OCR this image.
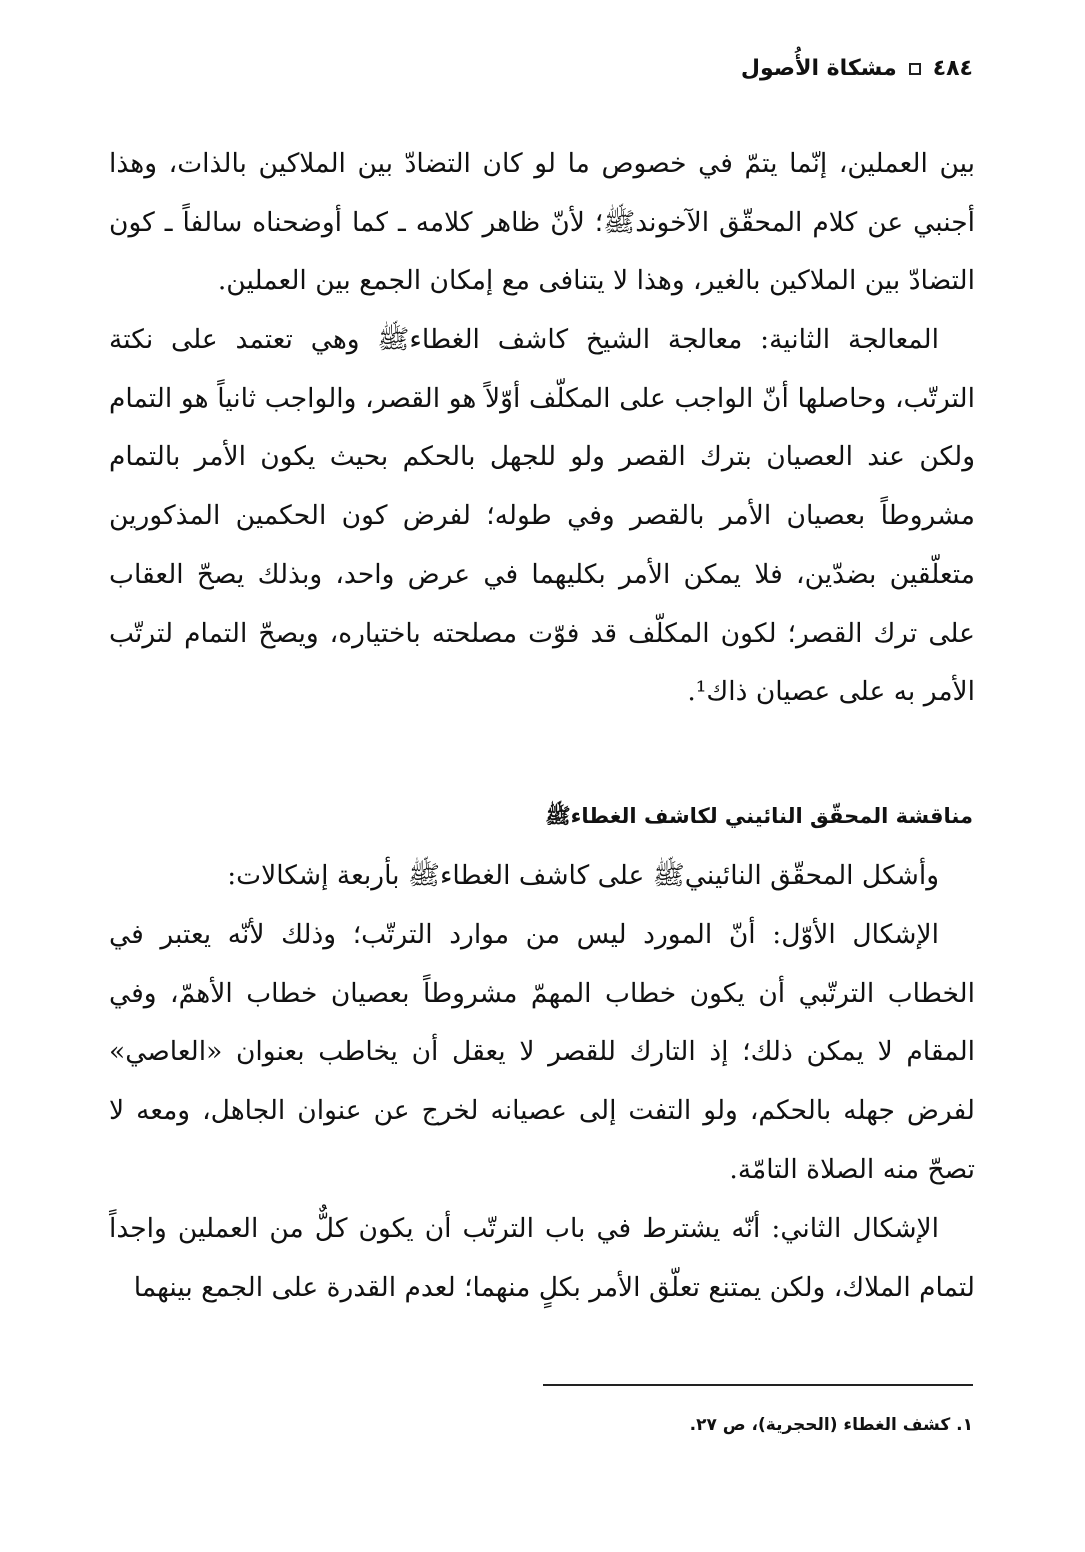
٤٨٤
مشكاة الأُصول

بين العملين، إنّما يتمّ في خصوص ما لو كان التضادّ بين الملاكين بالذات، وهذا أجنبي عن كلام المحقّق الآخوندﷺ؛ لأنّ ظاهر كلامه ـ كما أوضحناه سالفاً ـ كون التضادّ بين الملاكين بالغير، وهذا لا يتنافى مع إمكان الجمع بين العملين.

المعالجة الثانية: معالجة الشيخ كاشف الغطاءﷺ وهي تعتمد على نكتة الترتّب، وحاصلها أنّ الواجب على المكلّف أوّلاً هو القصر، والواجب ثانياً هو التمام ولكن عند العصيان بترك القصر ولو للجهل بالحكم بحيث يكون الأمر بالتمام مشروطاً بعصيان الأمر بالقصر وفي طوله؛ لفرض كون الحكمين المذكورين متعلّقين بضدّين، فلا يمكن الأمر بكليهما في عرض واحد، وبذلك يصحّ العقاب على ترك القصر؛ لكون المكلّف قد فوّت مصلحته باختياره، ويصحّ التمام لترتّب الأمر به على عصيان ذاك¹.

مناقشة المحقّق النائيني لكاشف الغطاءﷺ

وأشكل المحقّق النائينيﷺ على كاشف الغطاءﷺ بأربعة إشكالات:

الإشكال الأوّل: أنّ المورد ليس من موارد الترتّب؛ وذلك لأنّه يعتبر في الخطاب الترتّبي أن يكون خطاب المهمّ مشروطاً بعصيان خطاب الأهمّ، وفي المقام لا يمكن ذلك؛ إذ التارك للقصر لا يعقل أن يخاطب بعنوان «العاصي» لفرض جهله بالحكم، ولو التفت إلى عصيانه لخرج عن عنوان الجاهل، ومعه لا تصحّ منه الصلاة التامّة.

الإشكال الثاني: أنّه يشترط في باب الترتّب أن يكون كلٌّ من العملين واجداً لتمام الملاك، ولكن يمتنع تعلّق الأمر بكلٍ منهما؛ لعدم القدرة على الجمع بينهما

١. كشف الغطاء (الحجرية)، ص ٢٧.
